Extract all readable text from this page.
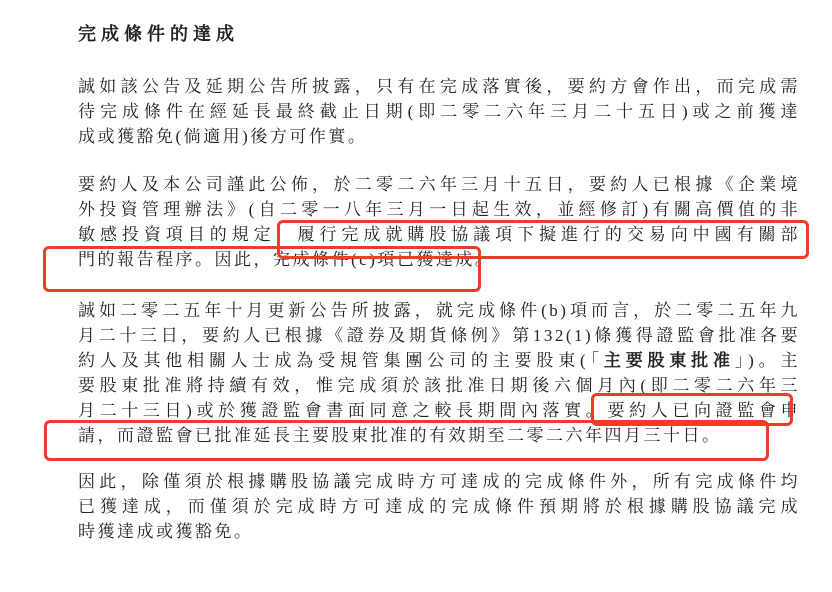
完成條件的達成
誠如該公告及延期公告所披露，只有在完成落實後，要約方會作出，而完成需
待完成條件在經延長最終截止日期(即二零二六年三月二十五日)或之前獲達
成或獲豁免(倘適用)後方可作實。
要約人及本公司謹此公佈，於二零二六年三月十五日，要約人已根據《企業境
外投資管理辦法》(自二零一八年三月一日起生效，並經修訂)有關高價值的非
敏感投資項目的規定，履行完成就購股協議項下擬進行的交易向中國有關部
門的報告程序。因此，完成條件(c)項已獲達成。
誠如二零二五年十月更新公告所披露，就完成條件(b)項而言，於二零二五年九
月二十三日，要約人已根據《證券及期貨條例》第132(1)條獲得證監會批准各要
約人及其他相關人士成為受規管集團公司的主要股東(「主要股東批准」)。主
要股東批准將持續有效，惟完成須於該批准日期後六個月內(即二零二六年三
月二十三日)或於獲證監會書面同意之較長期間內落實。要約人已向證監會申
請，而證監會已批准延長主要股東批准的有效期至二零二六年四月三十日。
因此，除僅須於根據購股協議完成時方可達成的完成條件外，所有完成條件均
已獲達成，而僅須於完成時方可達成的完成條件預期將於根據購股協議完成
時獲達成或獲豁免。
